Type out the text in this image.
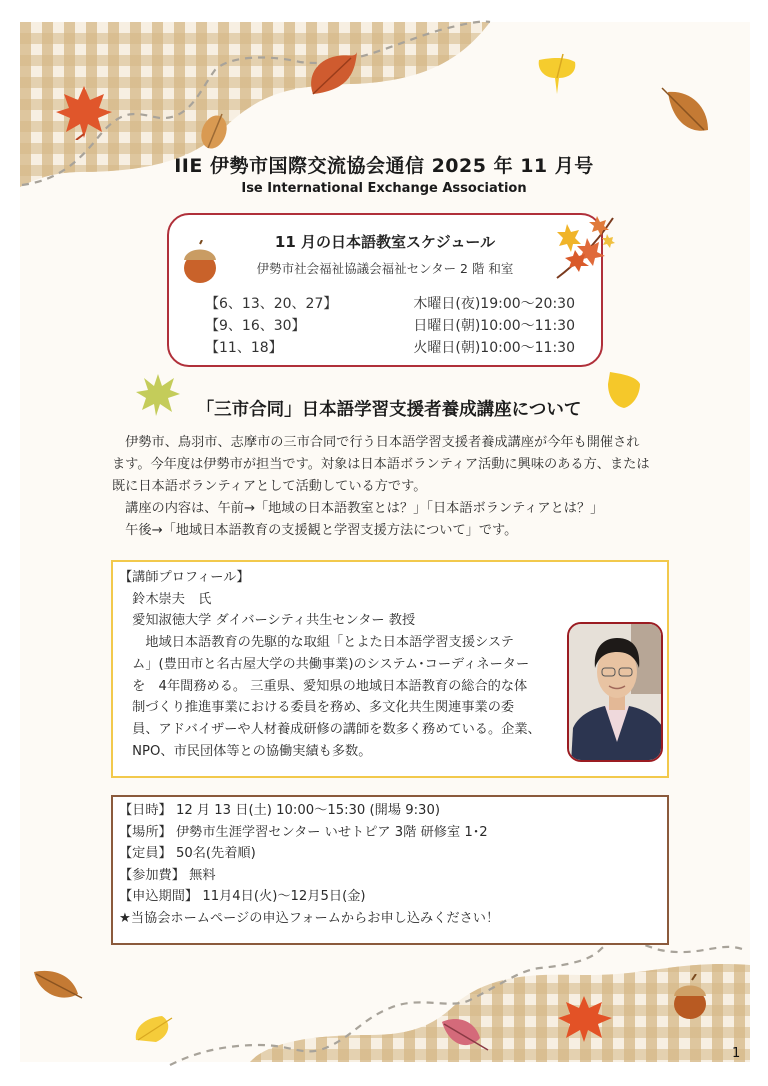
IIE 伊勢市国際交流協会通信 2025 年 11 月号
Ise International Exchange Association
11 月の日本語教室スケジュール
伊勢市社会福祉協議会福祉センター 2 階 和室
【6、13、20、27】	木曜日(夜)19:00～20:30
【9、16、30】	日曜日(朝)10:00～11:30
【11、18】	火曜日(朝)10:00～11:30
「三市合同」日本語学習支援者養成講座について

　伊勢市、鳥羽市、志摩市の三市合同で行う日本語学習支援者養成講座が今年も開催され

ます。今年度は伊勢市が担当です。対象は日本語ボランティア活動に興味のある方、または

既に日本語ボランティアとして活動している方です。

　講座の内容は、午前→「地域の日本語教室とは？」「日本語ボランティアとは？」

　午後→「地域日本語教育の支援観と学習支援方法について」です。

【講師プロフィール】

　鈴木崇夫　氏

　愛知淑徳大学 ダイバーシティ共生センター 教授

　　地域日本語教育の先駆的な取組「とよた日本語学習支援システ

　ム」(豊田市と名古屋大学の共働事業)のシステム･コーディネーター

　を　4年間務める。 三重県、愛知県の地域日本語教育の総合的な体

　制づくり推進事業における委員を務め、多文化共生関連事業の委

　員、アドバイザーや人材養成研修の講師を数多く務めている。企業、

　NPO、市民団体等との協働実績も多数。

【日時】 12 月 13 日(土) 10:00～15:30 (開場 9:30)

【場所】 伊勢市生涯学習センター いせトピア 3階 研修室 1･2

【定員】 50名(先着順)

【参加費】 無料

【申込期間】 11月4日(火)～12月5日(金)

★当協会ホームページの申込フォームからお申し込みください！

1
